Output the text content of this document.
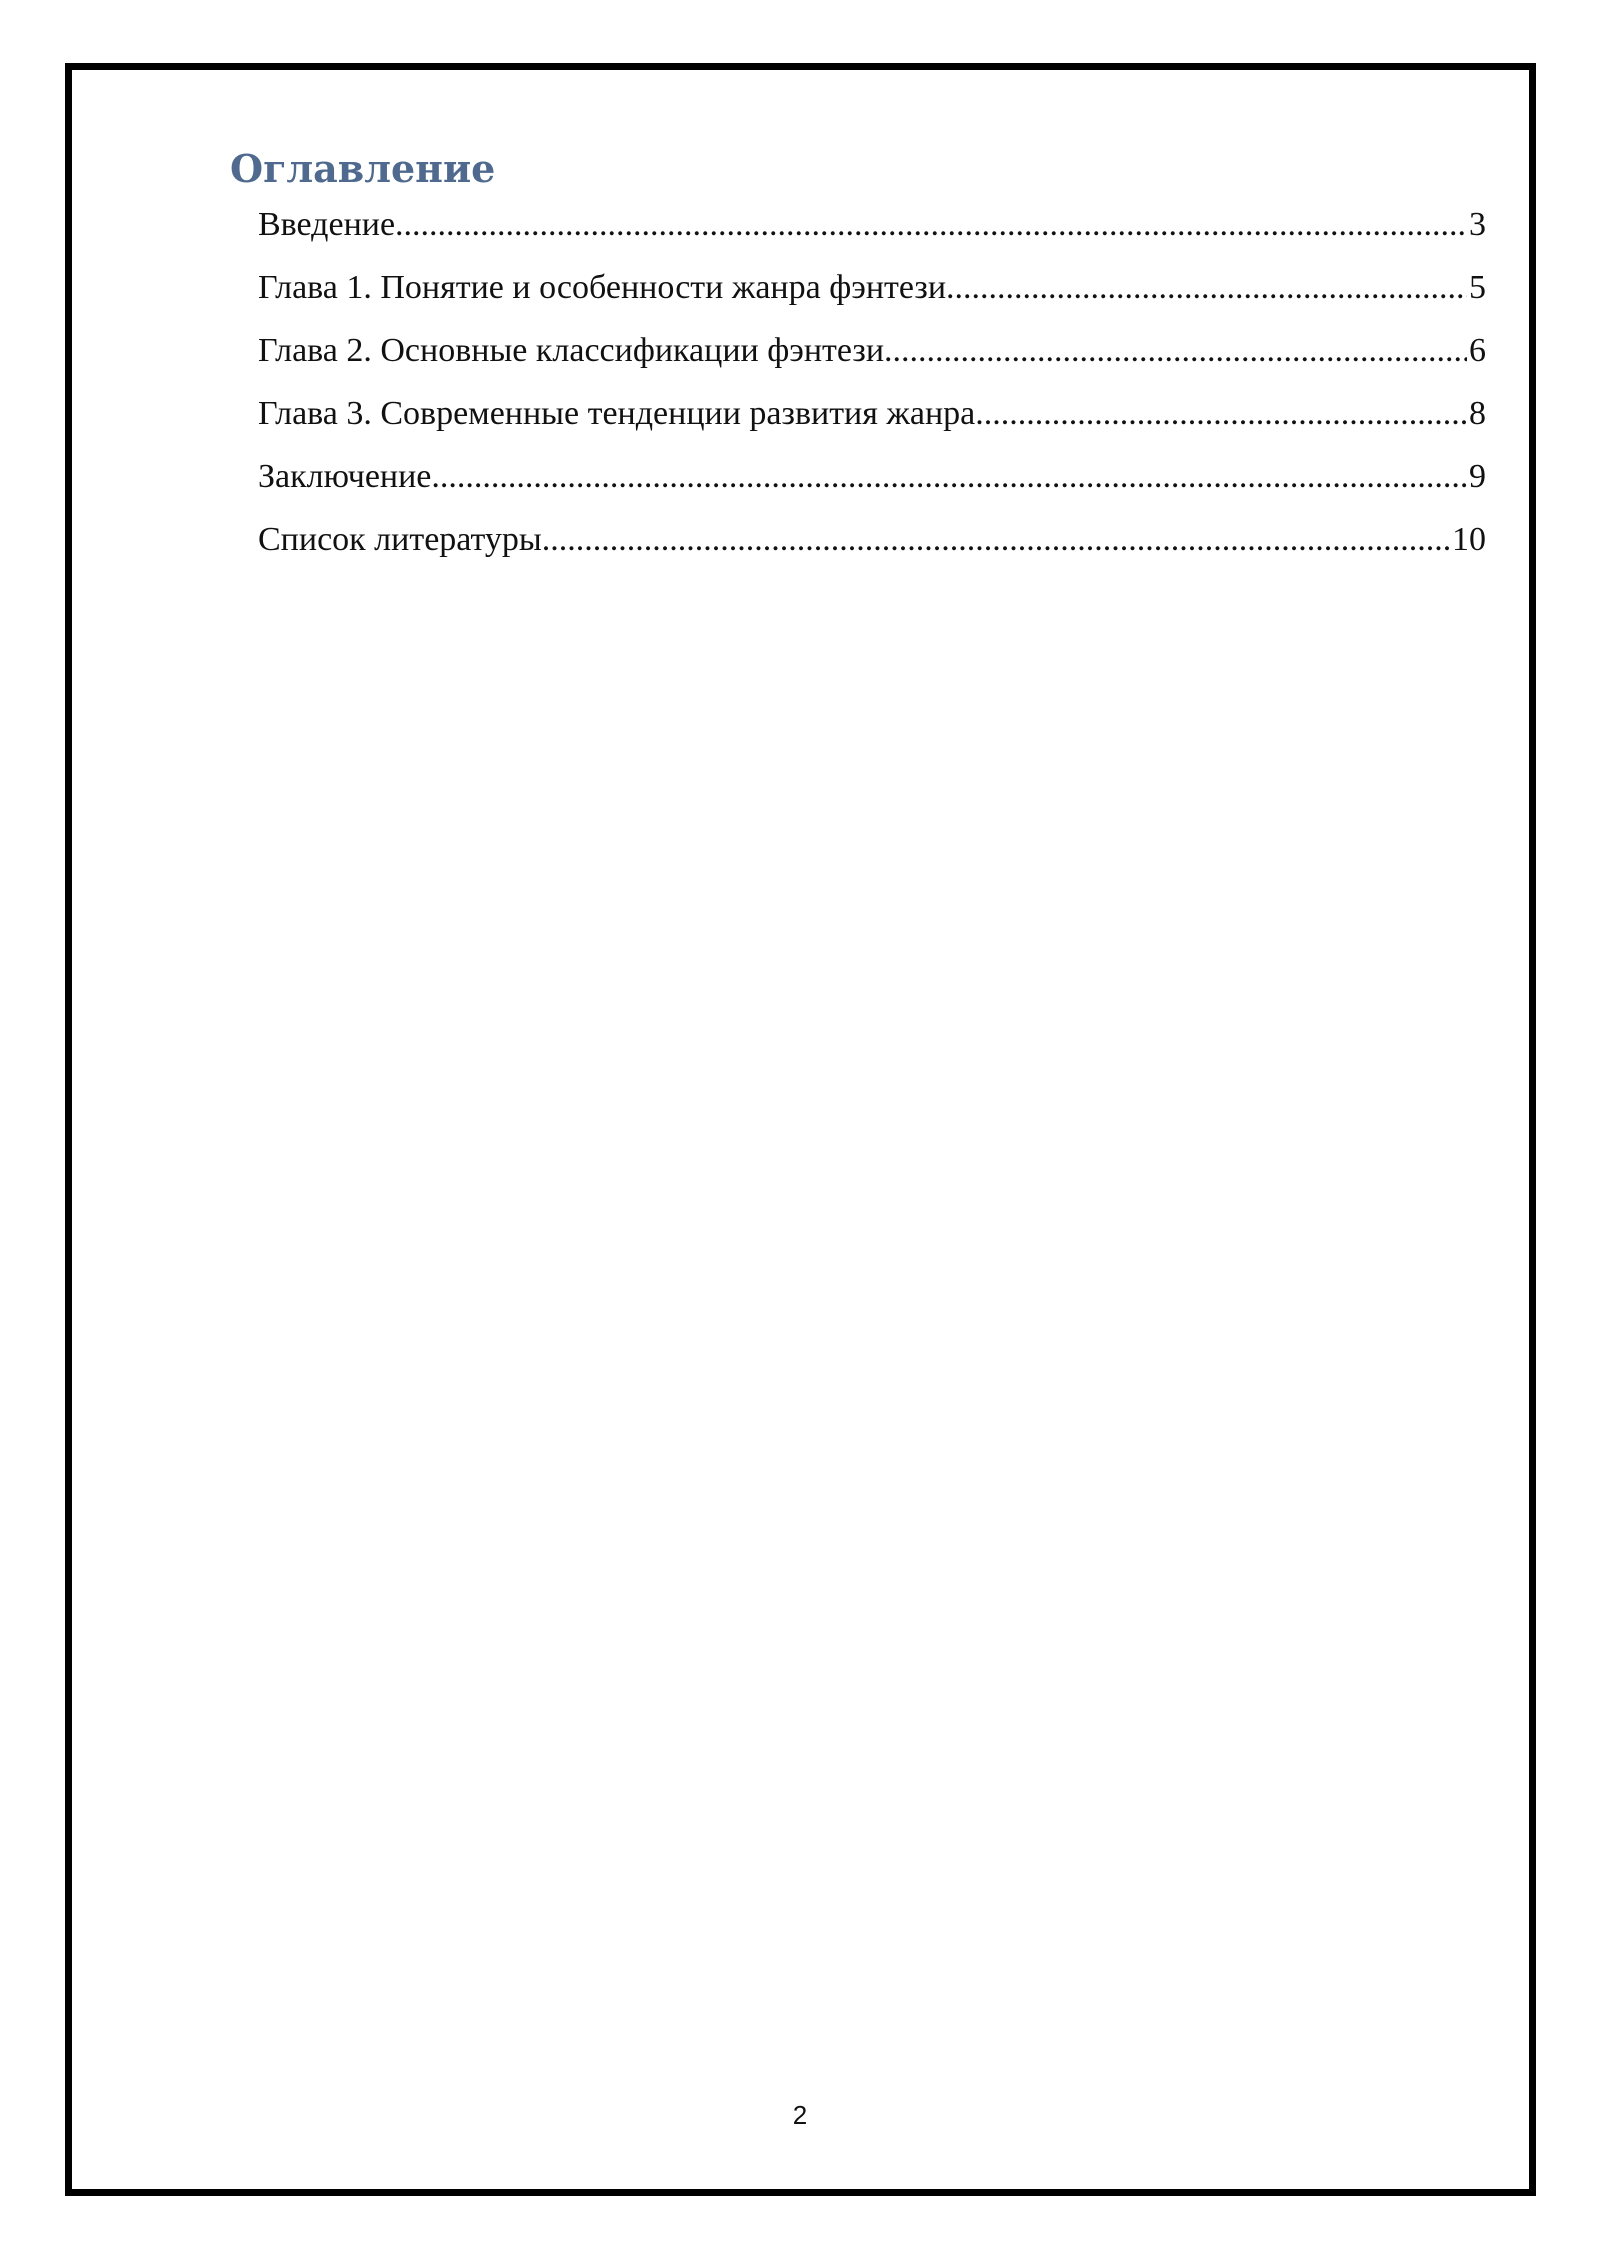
Оглавление
Введение .....	3
Глава 1. Понятие и особенности жанра фэнтези .....	5
Глава 2. Основные классификации фэнтези .....	6
Глава 3. Современные тенденции развития жанра .....	8
Заключение .....	9
Список литературы .....	10
2
